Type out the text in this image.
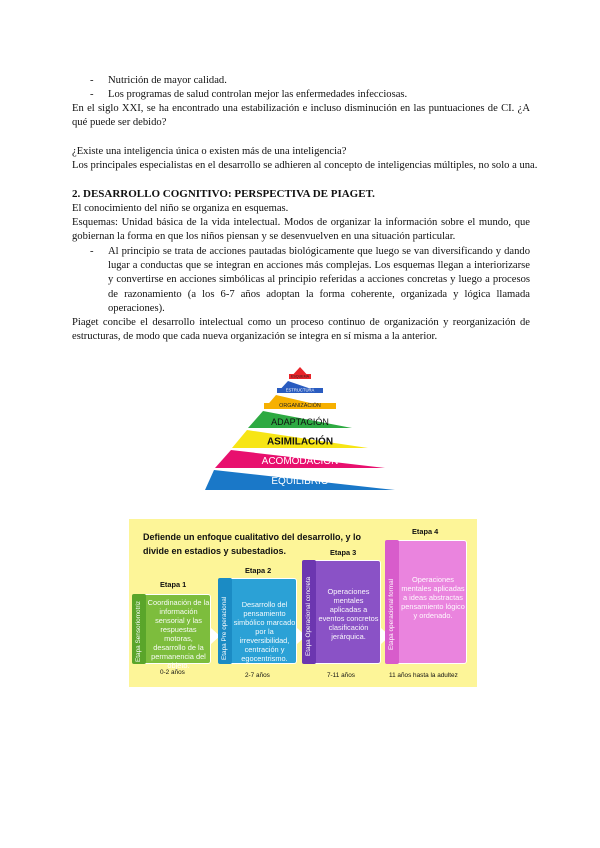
- Nutrición de mayor calidad.
- Los programas de salud controlan mejor las enfermedades infecciosas.
En el siglo XXI, se ha encontrado una estabilización e incluso disminución en las puntuaciones de CI. ¿A qué puede ser debido?
¿Existe una inteligencia única o existen más de una inteligencia?
Los principales especialistas en el desarrollo se adhieren al concepto de inteligencias múltiples, no solo a una.
2. DESARROLLO COGNITIVO: PERSPECTIVA DE PIAGET.
El conocimiento del niño se organiza en esquemas.
Esquemas: Unidad básica de la vida intelectual. Modos de organizar la información sobre el mundo, que gobiernan la forma en que los niños piensan y se desenvuelven en una situación particular.
- Al principio se trata de acciones pautadas biológicamente que luego se van diversificando y dando lugar a conductas que se integran en acciones más complejas. Los esquemas llegan a interiorizarse y convertirse en acciones simbólicas al principio referidas a acciones concretas y luego a procesos de razonamiento (a los 6-7 años adoptan la forma coherente, organizada y lógica llamada operaciones).
Piaget concibe el desarrollo intelectual como un proceso continuo de organización y reorganización de estructuras, de modo que cada nueva organización se integra en sí misma a la anterior.
ESQUEMA
ESTRUCTURA
ORGANIZACIÓN
ADAPTACIÓN
ASIMILACIÓN
ACOMODACIÓN
EQUILIBRIO
Defiende un enfoque cualitativo del desarrollo, y lo divide en estadios y subestadios.
Etapa 1
Etapa Sensoriomotriz Coordinación de la información sensorial y las respuestas motoras, desarrollo de la permanencia del objeto.
0-2 años
Etapa 2
Etapa Pre operacional	Desarrollo del pensamiento simbólico marcado por la irreversibilidad, centración y egocentrismo.
2-7 años
Etapa 3
Etapa Operacional concreta	Operaciones mentales aplicadas a eventos concretos clasificación jerárquica.
7-11 años
Etapa 4
Etapa operacional formal	Operaciones mentales aplicadas a ideas abstractas pensamiento lógico y ordenado.
11 años hasta la adultez
